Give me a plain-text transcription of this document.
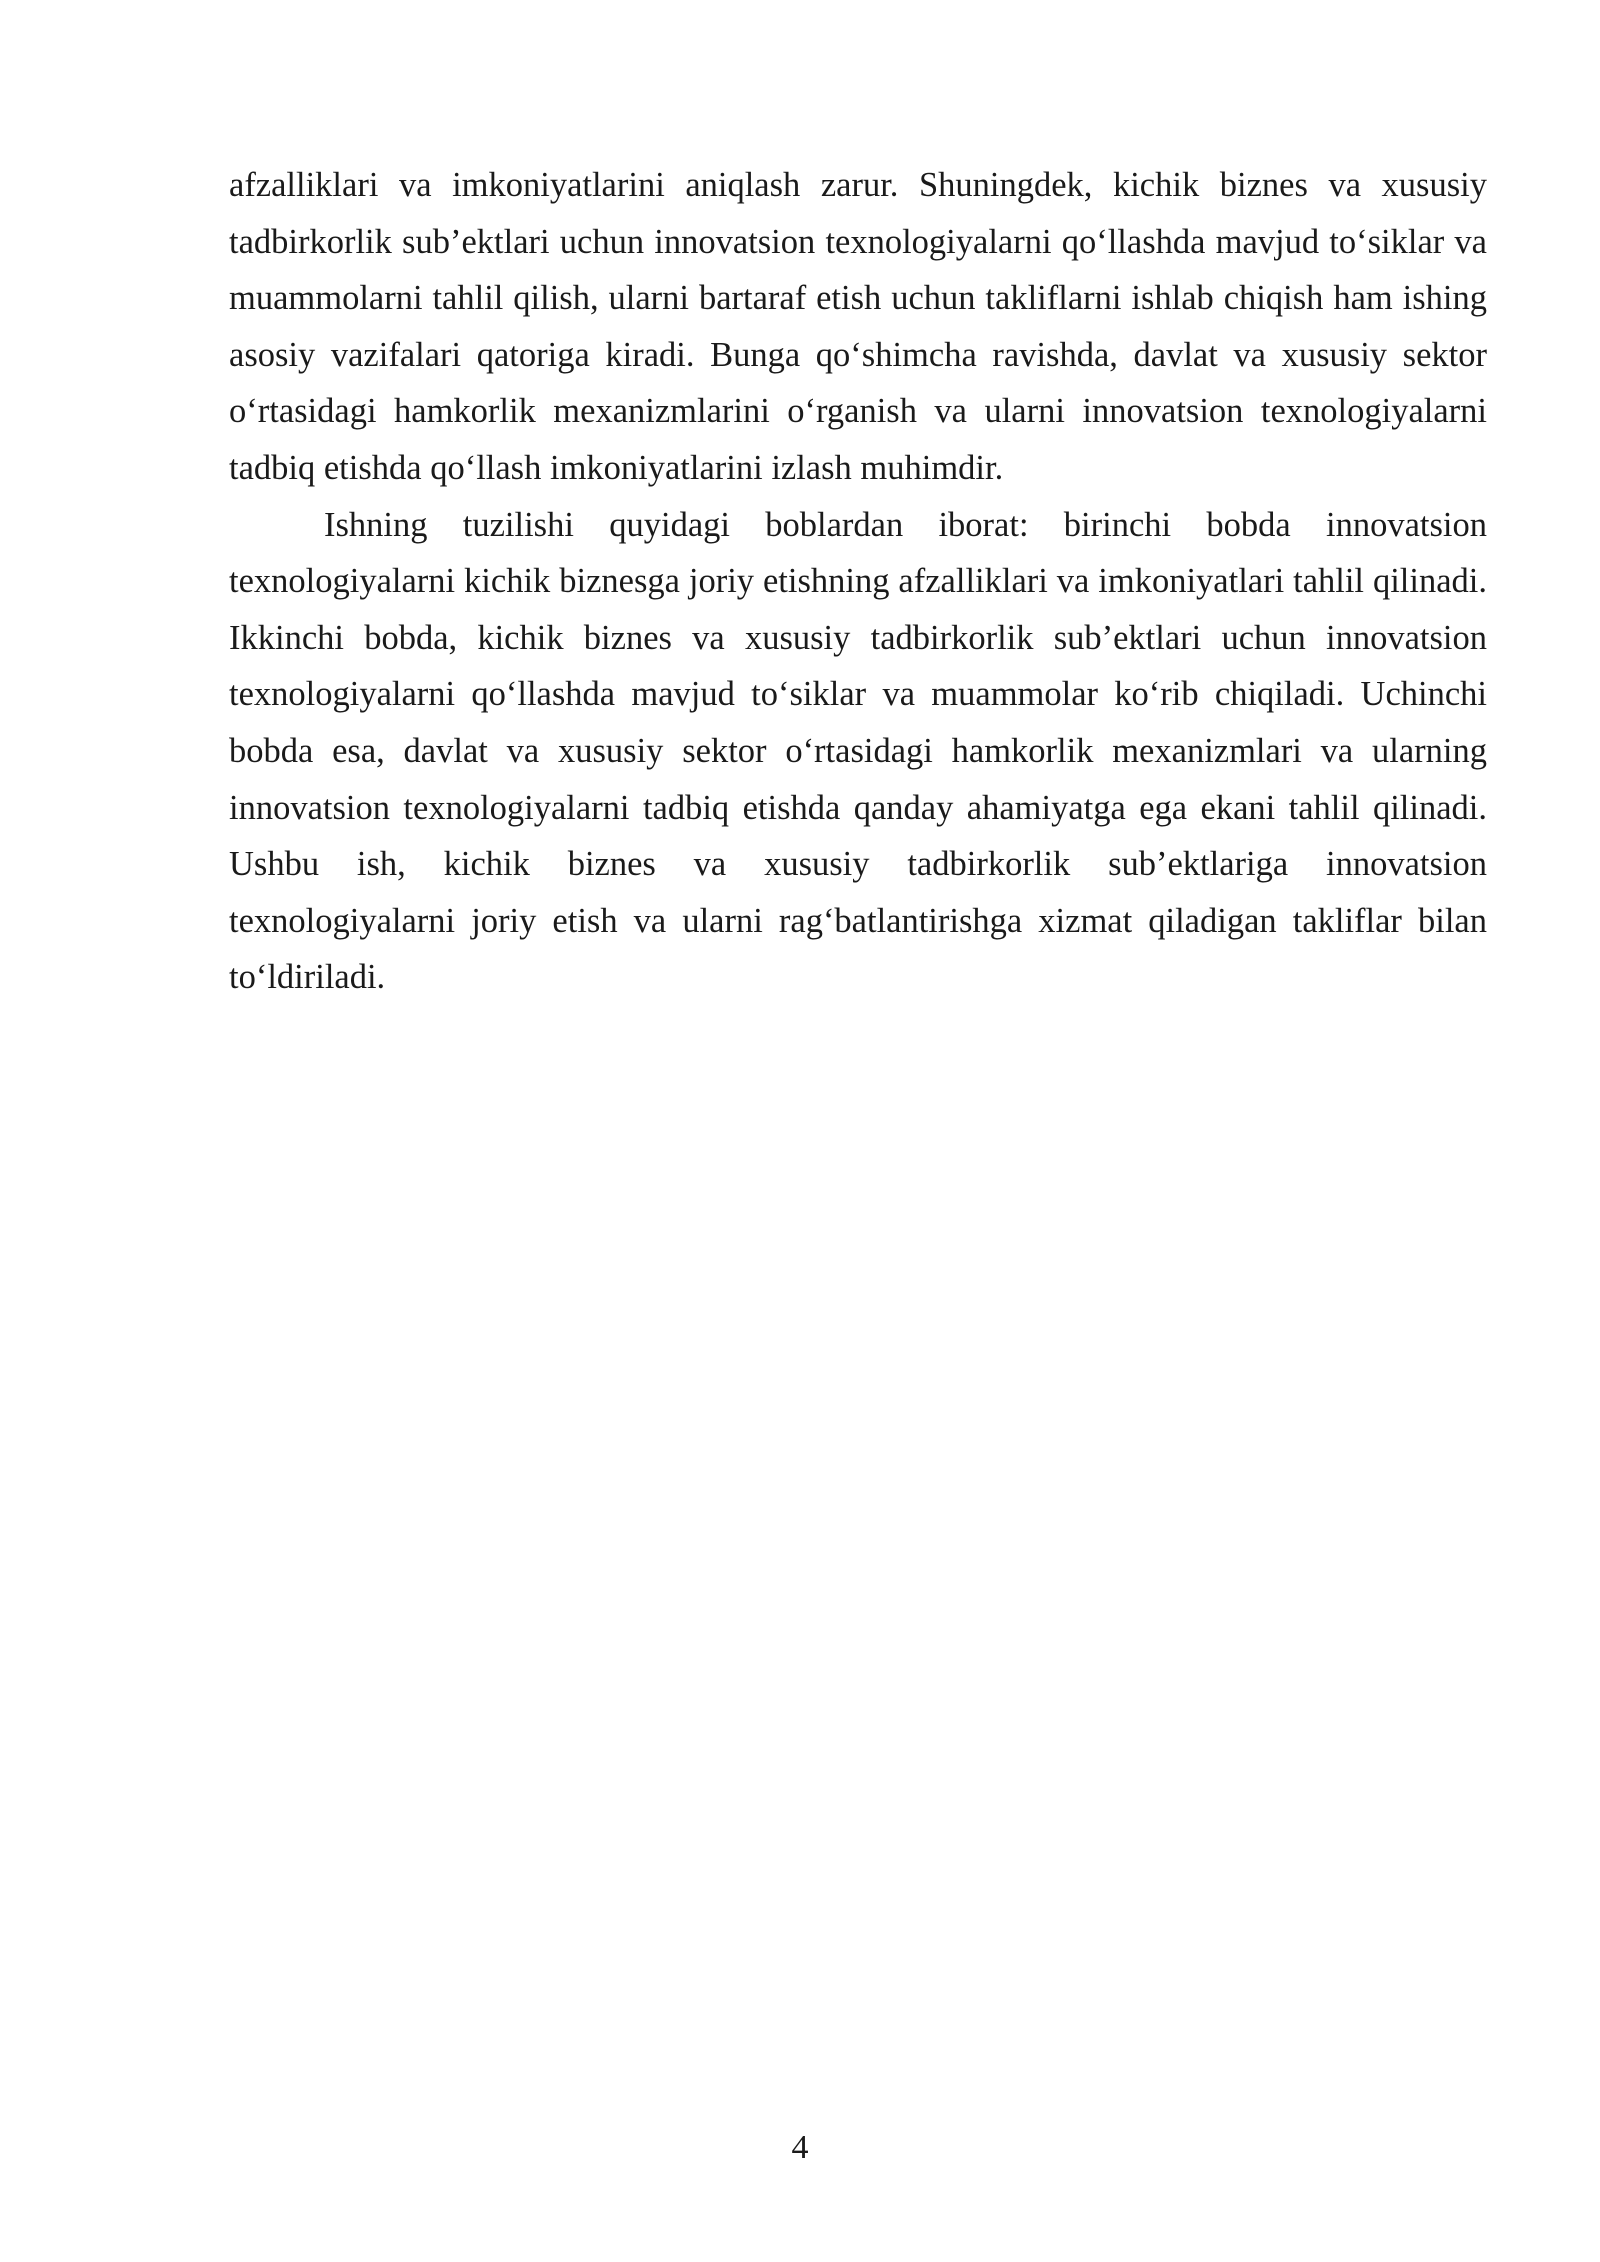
afzalliklari va imkoniyatlarini aniqlash zarur. Shuningdek, kichik biznes va xususiy tadbirkorlik sub’ektlari uchun innovatsion texnologiyalarni qo‘llashda mavjud to‘siklar va muammolarni tahlil qilish, ularni bartaraf etish uchun takliflarni ishlab chiqish ham ishing asosiy vazifalari qatoriga kiradi. Bunga qo‘shimcha ravishda, davlat va xususiy sektor o‘rtasidagi hamkorlik mexanizmlarini o‘rganish va ularni innovatsion texnologiyalarni tadbiq etishda qo‘llash imkoniyatlarini izlash muhimdir.

Ishning tuzilishi quyidagi boblardan iborat: birinchi bobda innovatsion texnologiyalarni kichik biznesga joriy etishning afzalliklari va imkoniyatlari tahlil qilinadi. Ikkinchi bobda, kichik biznes va xususiy tadbirkorlik sub’ektlari uchun innovatsion texnologiyalarni qo‘llashda mavjud to‘siklar va muammolar ko‘rib chiqiladi. Uchinchi bobda esa, davlat va xususiy sektor o‘rtasidagi hamkorlik mexanizmlari va ularning innovatsion texnologiyalarni tadbiq etishda qanday ahamiyatga ega ekani tahlil qilinadi. Ushbu ish, kichik biznes va xususiy tadbirkorlik sub’ektlariga innovatsion texnologiyalarni joriy etish va ularni rag‘batlantirishga xizmat qiladigan takliflar bilan to‘ldiriladi.

4
